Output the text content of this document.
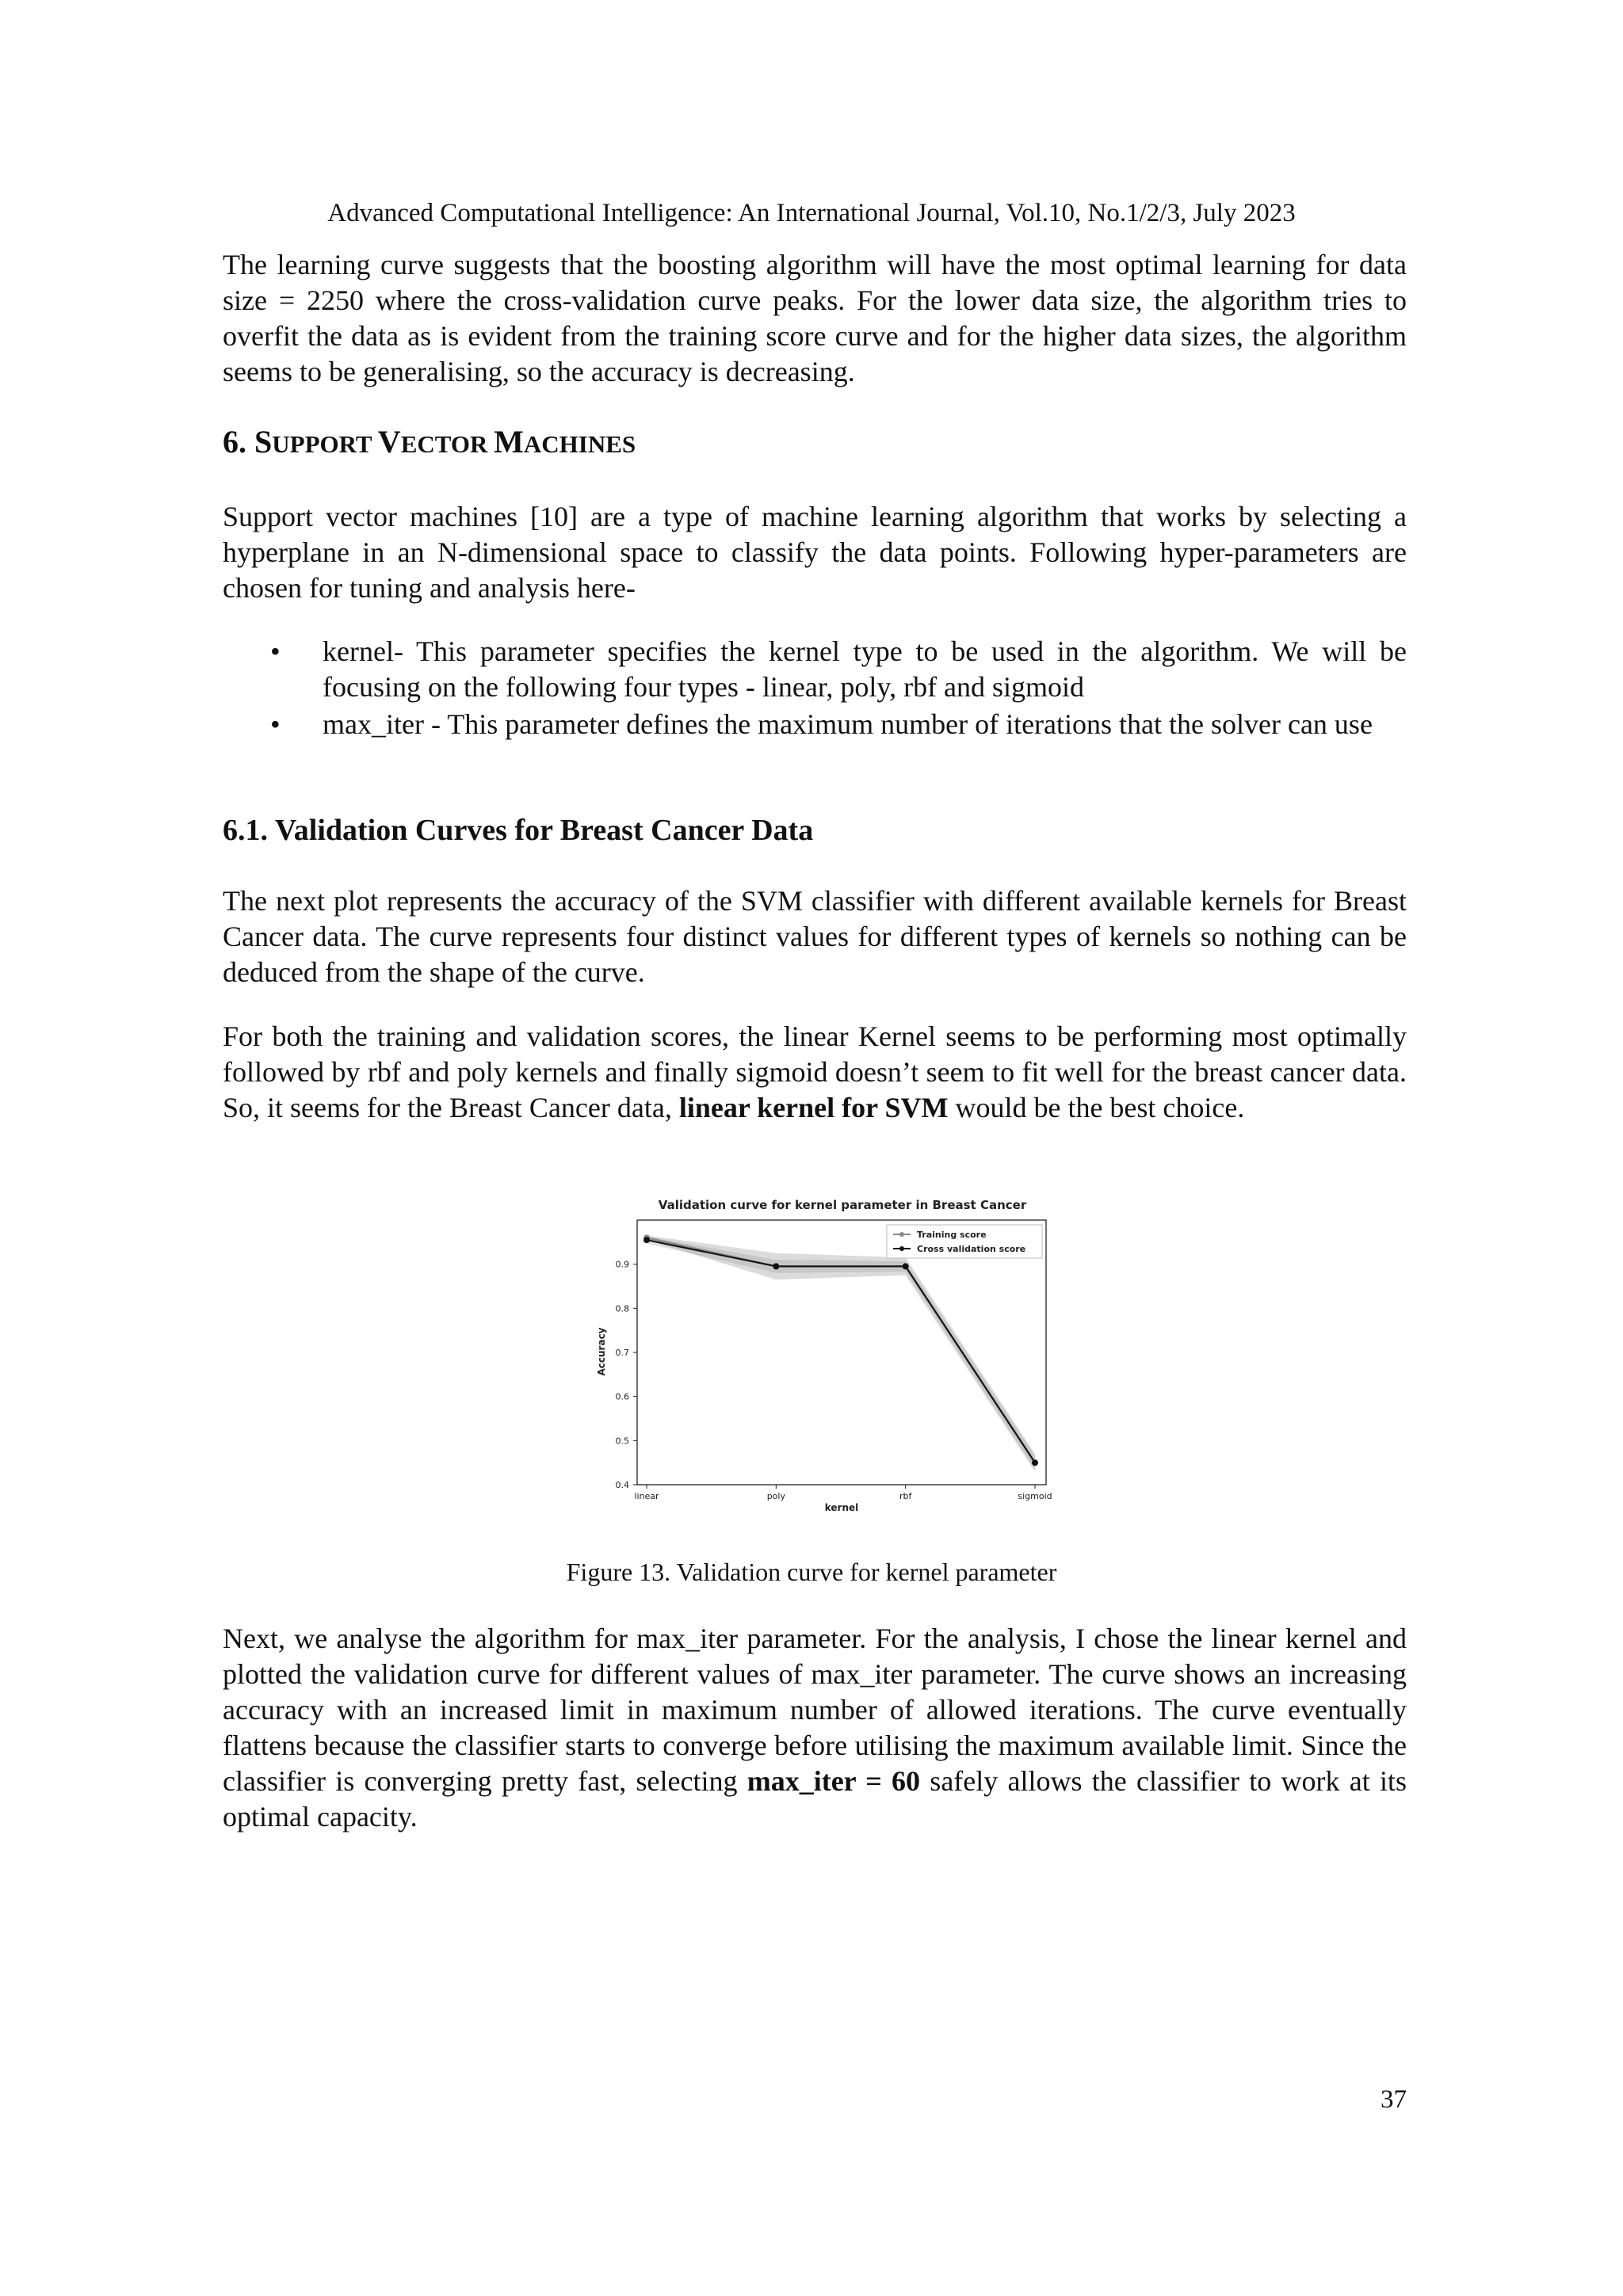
Advanced Computational Intelligence: An International Journal, Vol.10, No.1/2/3, July 2023

The learning curve suggests that the boosting algorithm will have the most optimal learning for data size = 2250 where the cross-validation curve peaks. For the lower data size, the algorithm tries to overfit the data as is evident from the training score curve and for the higher data sizes, the algorithm seems to be generalising, so the accuracy is decreasing.

6. SUPPORT VECTOR MACHINES

Support vector machines [10] are a type of machine learning algorithm that works by selecting a hyperplane in an N-dimensional space to classify the data points. Following hyper-parameters are chosen for tuning and analysis here-

• kernel- This parameter specifies the kernel type to be used in the algorithm. We will be focusing on the following four types - linear, poly, rbf and sigmoid
• max_iter - This parameter defines the maximum number of iterations that the solver can use

6.1. Validation Curves for Breast Cancer Data

The next plot represents the accuracy of the SVM classifier with different available kernels for Breast Cancer data. The curve represents four distinct values for different types of kernels so nothing can be deduced from the shape of the curve.

For both the training and validation scores, the linear Kernel seems to be performing most optimally followed by rbf and poly kernels and finally sigmoid doesn’t seem to fit well for the breast cancer data. So, it seems for the Breast Cancer data, linear kernel for SVM would be the best choice.

Validation curve for kernel parameter in Breast Cancer
0.4
0.5
0.6
0.7
0.8
0.9
linear	poly	rbf	sigmoid
kernel
Accuracy
Training score
Cross validation score
Figure 13. Validation curve for kernel parameter

Next, we analyse the algorithm for max_iter parameter. For the analysis, I chose the linear kernel and plotted the validation curve for different values of max_iter parameter. The curve shows an increasing accuracy with an increased limit in maximum number of allowed iterations. The curve eventually flattens because the classifier starts to converge before utilising the maximum available limit. Since the classifier is converging pretty fast, selecting max_iter = 60 safely allows the classifier to work at its optimal capacity.

37
